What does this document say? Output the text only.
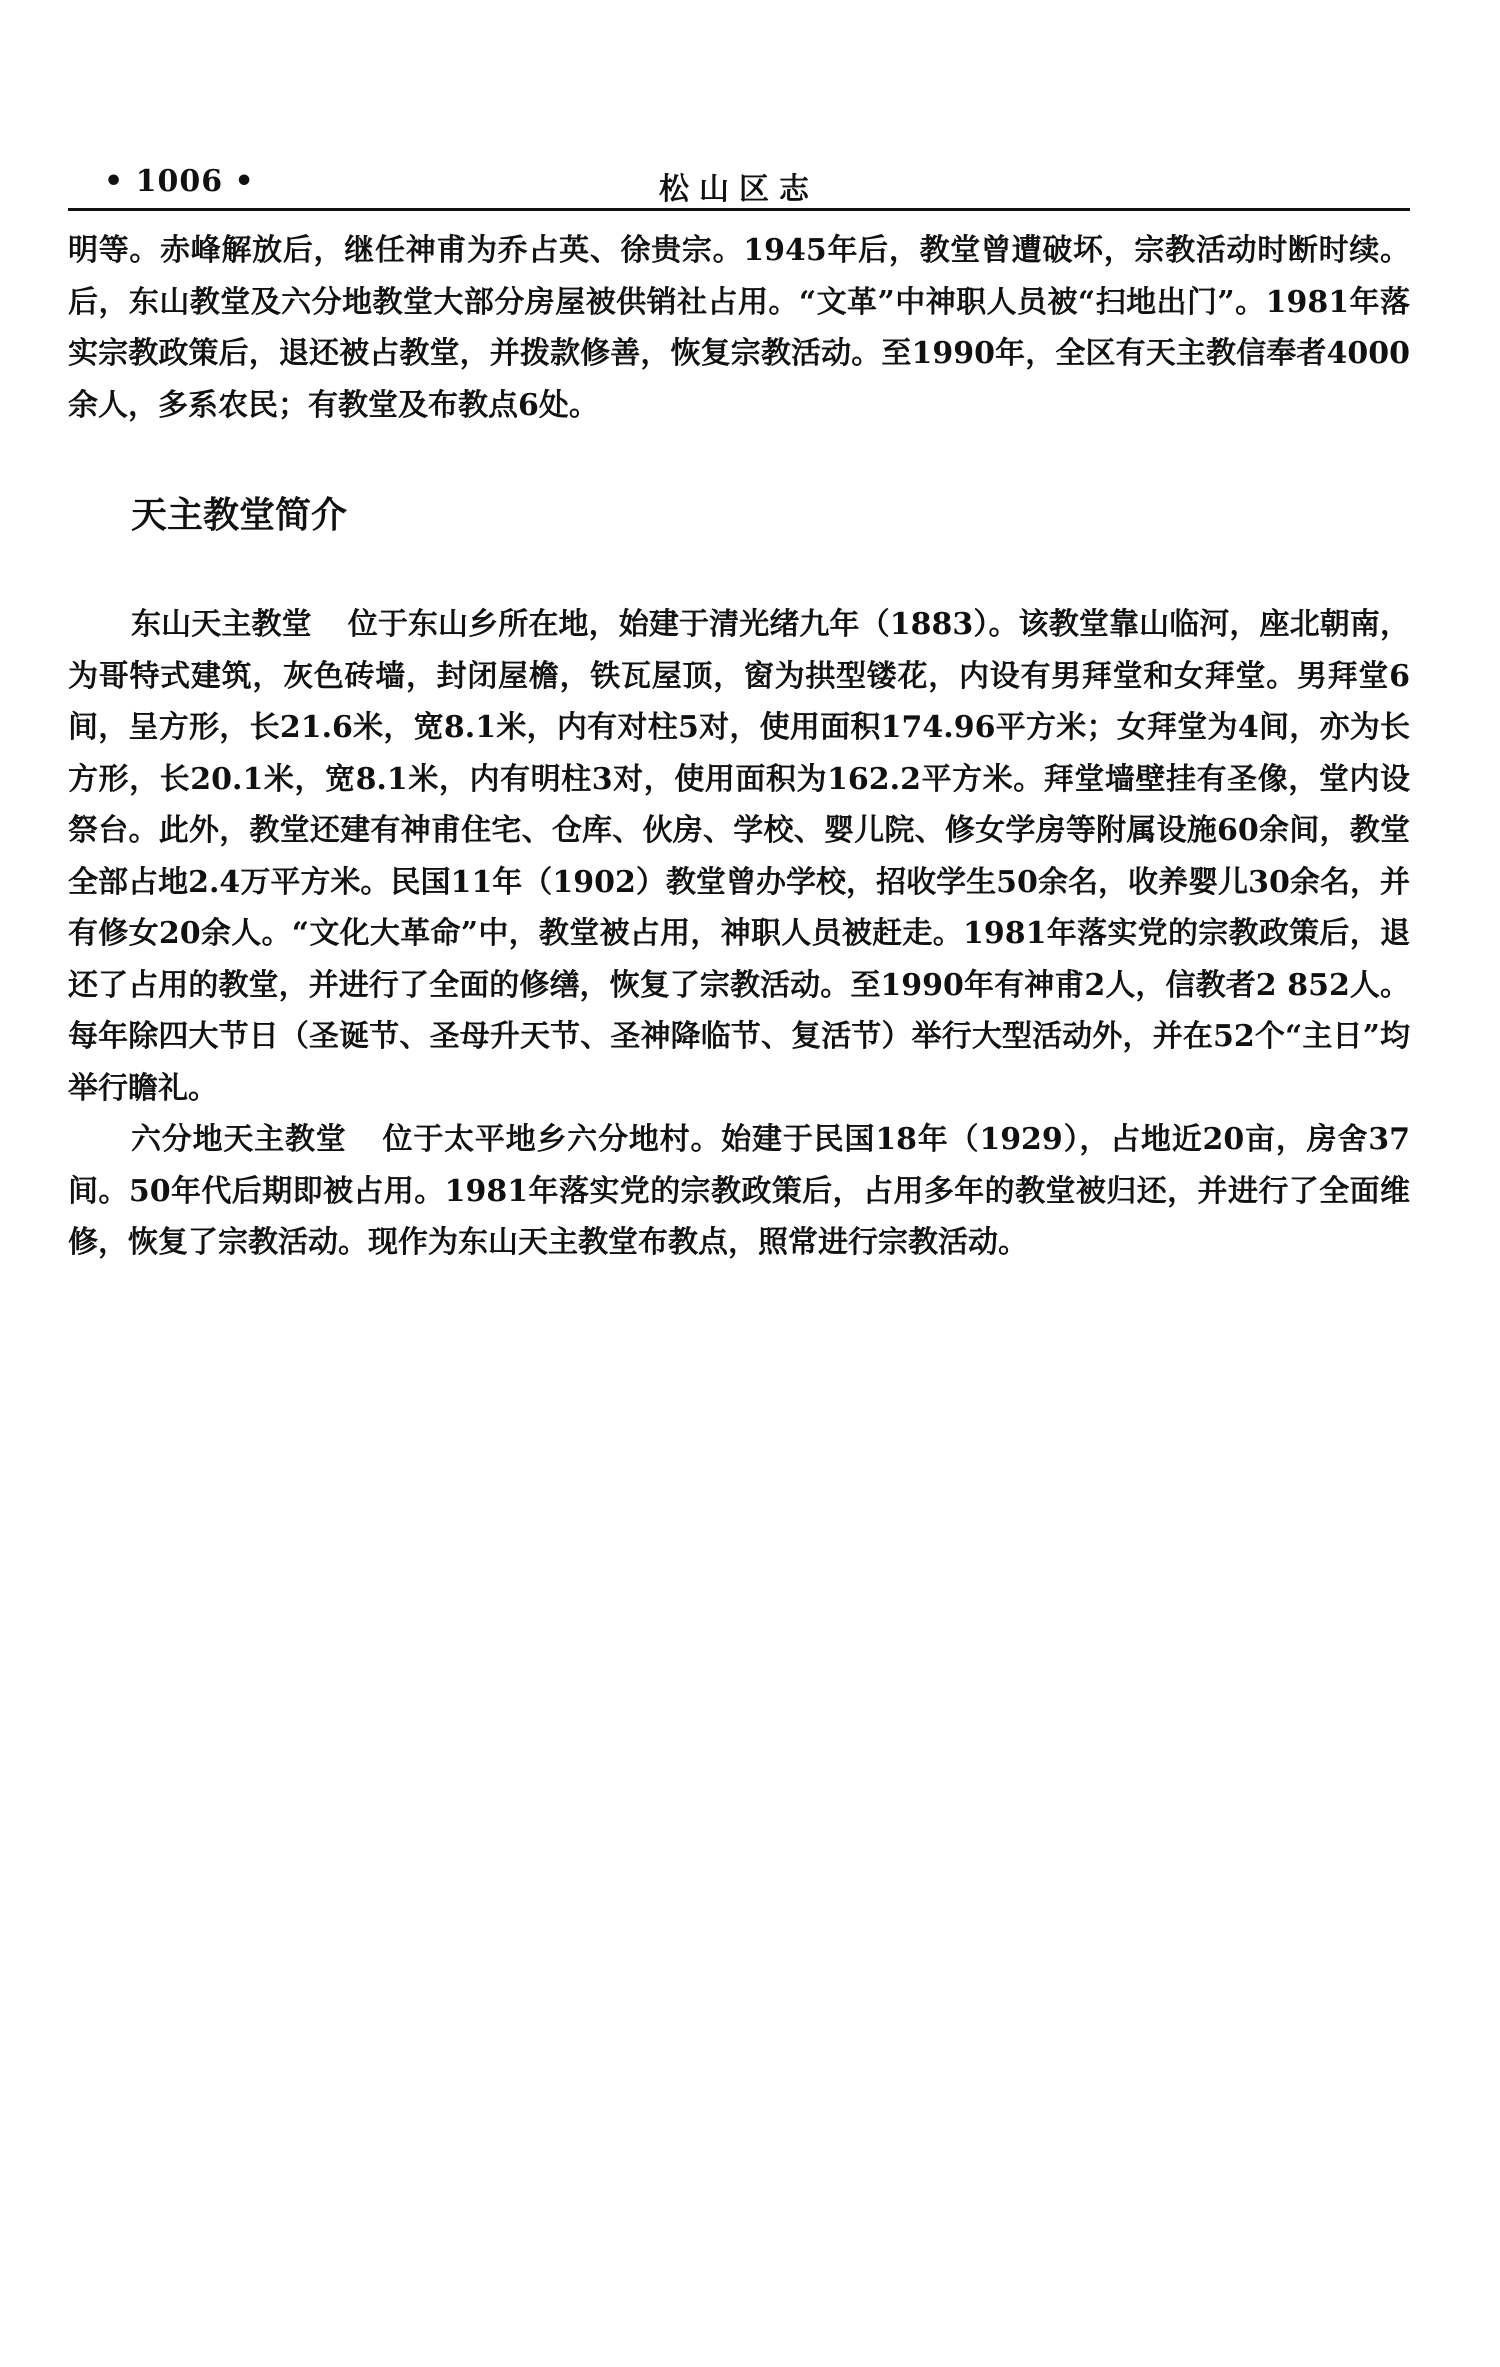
• 1006 •	松山区志

明等。赤峰解放后，继任神甫为乔占英、徐贵宗。1945年后，教堂曾遭破坏，宗教活动时断时续。后，东山教堂及六分地教堂大部分房屋被供销社占用。“文革”中神职人员被“扫地出门”。1981年落实宗教政策后，退还被占教堂，并拨款修善，恢复宗教活动。至1990年，全区有天主教信奉者4000余人，多系农民；有教堂及布教点6处。

天主教堂简介

东山天主教堂 位于东山乡所在地，始建于清光绪九年（1883）。该教堂靠山临河，座北朝南，为哥特式建筑，灰色砖墙，封闭屋檐，铁瓦屋顶，窗为拱型镂花，内设有男拜堂和女拜堂。男拜堂6间，呈方形，长21.6米，宽8.1米，内有对柱5对，使用面积174.96平方米；女拜堂为4间，亦为长方形，长20.1米，宽8.1米，内有明柱3对，使用面积为162.2平方米。拜堂墙壁挂有圣像，堂内设祭台。此外，教堂还建有神甫住宅、仓库、伙房、学校、婴儿院、修女学房等附属设施60余间，教堂全部占地2.4万平方米。民国11年（1902）教堂曾办学校，招收学生50余名，收养婴儿30余名，并有修女20余人。“文化大革命”中，教堂被占用，神职人员被赶走。1981年落实党的宗教政策后，退还了占用的教堂，并进行了全面的修缮，恢复了宗教活动。至1990年有神甫2人，信教者2 852人。每年除四大节日（圣诞节、圣母升天节、圣神降临节、复活节）举行大型活动外，并在52个“主日”均举行瞻礼。

六分地天主教堂 位于太平地乡六分地村。始建于民国18年（1929），占地近20亩，房舍37间。50年代后期即被占用。1981年落实党的宗教政策后，占用多年的教堂被归还，并进行了全面维修，恢复了宗教活动。现作为东山天主教堂布教点，照常进行宗教活动。
